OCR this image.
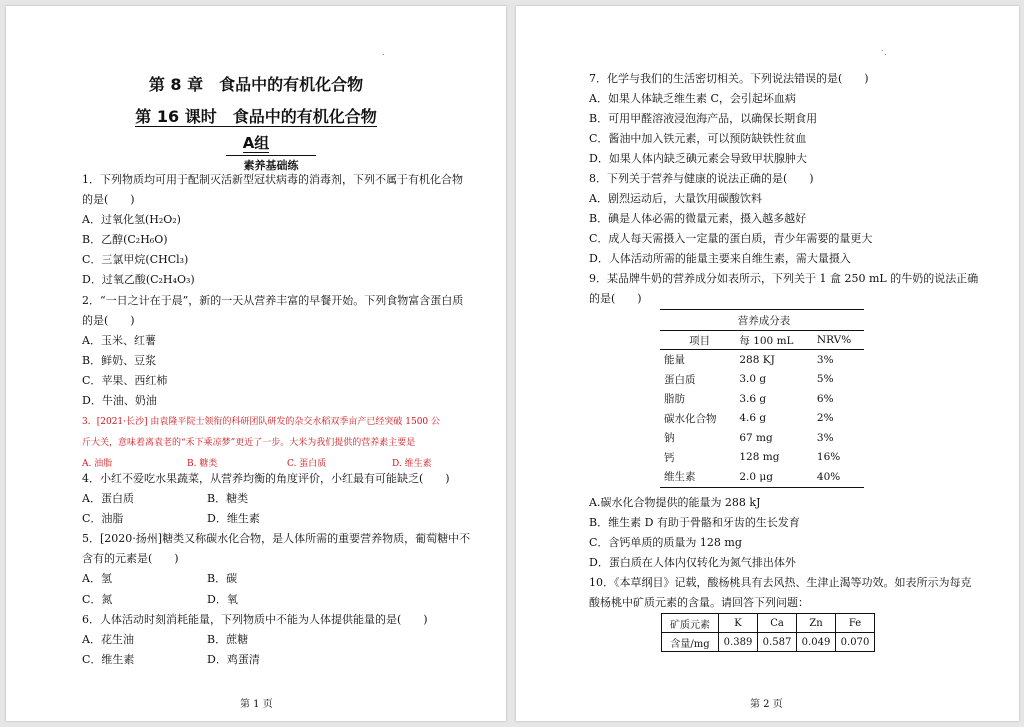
.
第 8 章　食品中的有机化合物
第 16 课时　食品中的有机化合物
A组
素养基础练
1．下列物质均可用于配制灭活新型冠状病毒的消毒剂，下列不属于有机化合物
的是(　　)
A．过氧化氢(H₂O₂)
B．乙醇(C₂H₆O)
C．三氯甲烷(CHCl₃)
D．过氧乙酸(C₂H₄O₃)
2．“一日之计在于晨”，新的一天从营养丰富的早餐开始。下列食物富含蛋白质
的是(　　)
A．玉米、红薯
B．鲜奶、豆浆
C．苹果、西红柿
D．牛油、奶油
3．[2021·长沙] 由袁隆平院士领衔的科研团队研发的杂交水稻双季亩产已经突破 1500 公
斤大关，意味着离袁老的“禾下乘凉梦”更近了一步。大米为我们提供的营养素主要是
A. 油脂	B. 糖类	C. 蛋白质	D. 维生素
4．小红不爱吃水果蔬菜，从营养均衡的角度评价，小红最有可能缺乏(　　)
A．蛋白质	B．糖类
C．油脂	D．维生素
5．[2020·扬州]糖类又称碳水化合物，是人体所需的重要营养物质，葡萄糖中不
含有的元素是(　　)
A．氢	B．碳
C．氮	D．氧
6．人体活动时刻消耗能量，下列物质中不能为人体提供能量的是(　　)
A．花生油	B．蔗糖
C．维生素	D．鸡蛋清
第 1 页
.
.
7．化学与我们的生活密切相关。下列说法错误的是(　　)
A．如果人体缺乏维生素 C，会引起坏血病
B．可用甲醛溶液浸泡海产品，以确保长期食用
C．酱油中加入铁元素，可以预防缺铁性贫血
D．如果人体内缺乏碘元素会导致甲状腺肿大
8．下列关于营养与健康的说法正确的是(　　)
A．剧烈运动后，大量饮用碳酸饮料
B．碘是人体必需的微量元素，摄入越多越好
C．成人每天需摄入一定量的蛋白质，青少年需要的量更大
D．人体活动所需的能量主要来自维生素，需大量摄入
9．某品牌牛奶的营养成分如表所示，下列关于 1 盒 250 mL 的牛奶的说法正确
的是(　　)
营养成分表		
项目	每 100 mL	NRV%
能量	288 KJ	3%
蛋白质	3.0 g	5%
脂肪	3.6 g	6%
碳水化合物	4.6 g	2%
钠	67 mg	3%
钙	128 mg	16%
维生素	2.0 μg	40%
A.碳水化合物提供的能量为 288 kJ
B．维生素 D 有助于骨骼和牙齿的生长发育
C．含钙单质的质量为 128 mg
D．蛋白质在人体内仅转化为氮气排出体外
10．《本草纲目》记载，酸杨桃具有去风热、生津止渴等功效。如表所示为每克
酸杨桃中矿质元素的含量。请回答下列问题：
矿质元素	K	Ca	Zn	Fe
含量/mg	0.389	0.587	0.049	0.070
第 2 页
